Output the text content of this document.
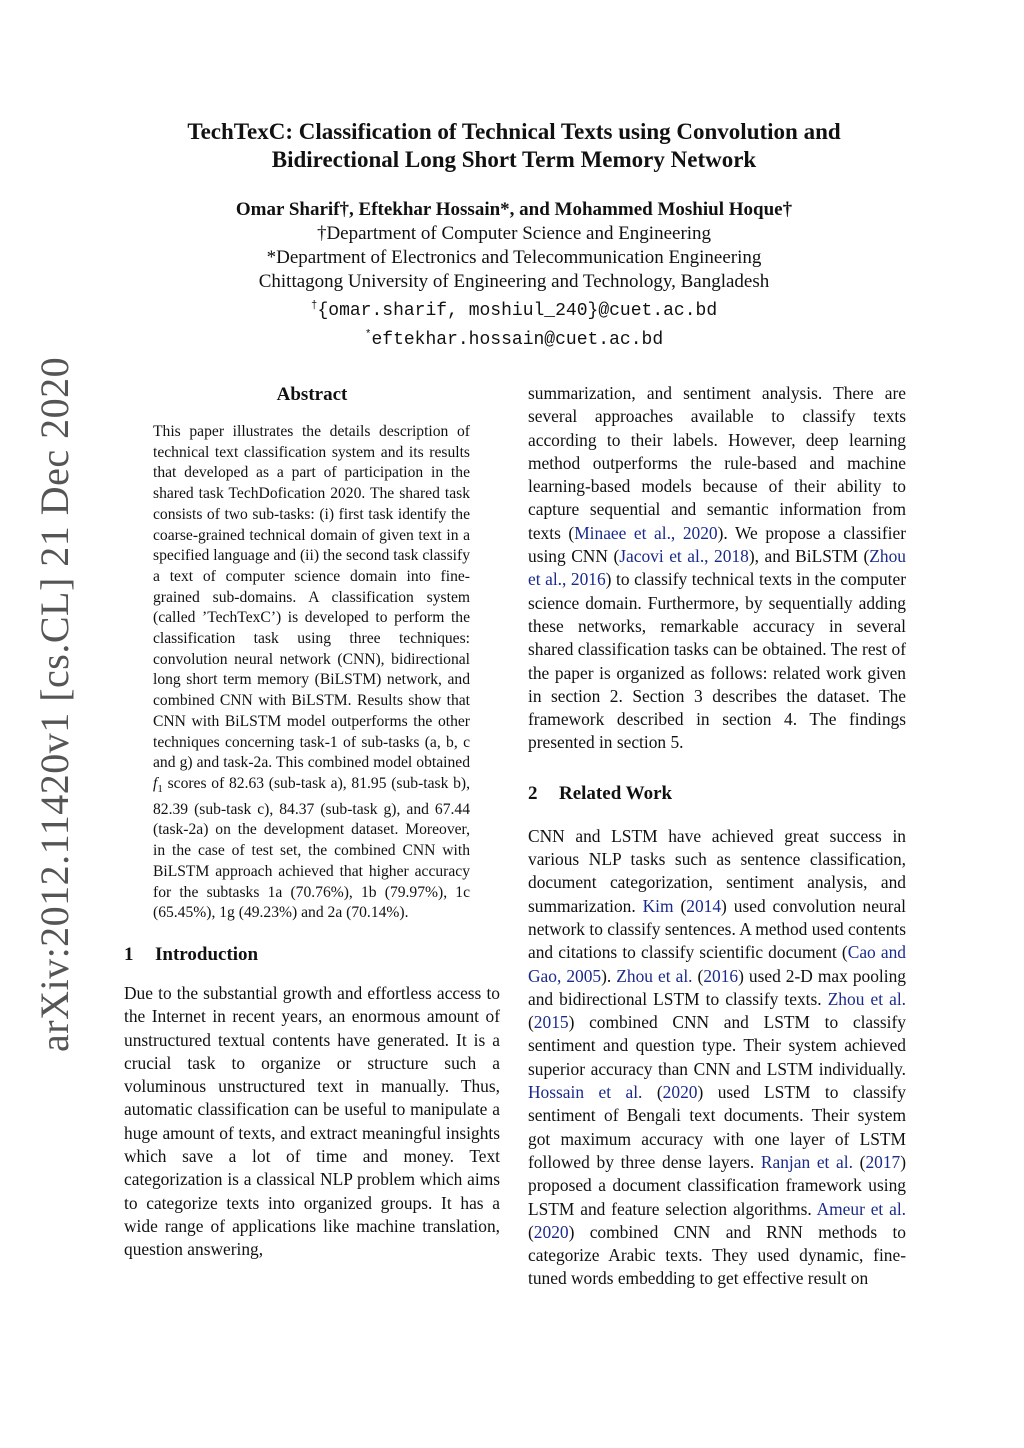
arXiv:2012.11420v1 [cs.CL] 21 Dec 2020
TechTexC: Classification of Technical Texts using Convolution and
Bidirectional Long Short Term Memory Network
Omar Sharif†, Eftekhar Hossain*, and Mohammed Moshiul Hoque†
†Department of Computer Science and Engineering
*Department of Electronics and Telecommunication Engineering
Chittagong University of Engineering and Technology, Bangladesh
†{omar.sharif, moshiul_240}@cuet.ac.bd
*eftekhar.hossain@cuet.ac.bd
Abstract

This paper illustrates the details description of technical text classification system and its results that developed as a part of participation in the shared task TechDofication 2020. The shared task consists of two sub-tasks: (i) first task identify the coarse-grained technical domain of given text in a specified language and (ii) the second task classify a text of computer science domain into fine-grained sub-domains. A classification system (called ’TechTexC’) is developed to perform the classification task using three techniques: convolution neural network (CNN), bidirectional long short term memory (BiLSTM) network, and combined CNN with BiLSTM. Results show that CNN with BiLSTM model outperforms the other techniques concerning task-1 of sub-tasks (a, b, c and g) and task-2a. This combined model obtained $f_1$ scores of 82.63 (sub-task a), 81.95 (sub-task b), 82.39 (sub-task c), 84.37 (sub-task g), and 67.44 (task-2a) on the development dataset. Moreover, in the case of test set, the combined CNN with BiLSTM approach achieved that higher accuracy for the subtasks 1a (70.76%), 1b (79.97%), 1c (65.45%), 1g (49.23%) and 2a (70.14%).

1 Introduction

Due to the substantial growth and effortless access to the Internet in recent years, an enormous amount of unstructured textual contents have generated. It is a crucial task to organize or structure such a voluminous unstructured text in manually. Thus, automatic classification can be useful to manipulate a huge amount of texts, and extract meaningful insights which save a lot of time and money. Text categorization is a classical NLP problem which aims to categorize texts into organized groups. It has a wide range of applications like machine translation, question answering,

summarization, and sentiment analysis. There are several approaches available to classify texts according to their labels. However, deep learning method outperforms the rule-based and machine learning-based models because of their ability to capture sequential and semantic information from texts (Minaee et al., 2020). We propose a classifier using CNN (Jacovi et al., 2018), and BiLSTM (Zhou et al., 2016) to classify technical texts in the computer science domain. Furthermore, by sequentially adding these networks, remarkable accuracy in several shared classification tasks can be obtained. The rest of the paper is organized as follows: related work given in section 2. Section 3 describes the dataset. The framework described in section 4. The findings presented in section 5.

2 Related Work

CNN and LSTM have achieved great success in various NLP tasks such as sentence classification, document categorization, sentiment analysis, and summarization. Kim (2014) used convolution neural network to classify sentences. A method used contents and citations to classify scientific document (Cao and Gao, 2005). Zhou et al. (2016) used 2-D max pooling and bidirectional LSTM to classify texts. Zhou et al. (2015) combined CNN and LSTM to classify sentiment and question type. Their system achieved superior accuracy than CNN and LSTM individually. Hossain et al. (2020) used LSTM to classify sentiment of Bengali text documents. Their system got maximum accuracy with one layer of LSTM followed by three dense layers. Ranjan et al. (2017) proposed a document classification framework using LSTM and feature selection algorithms. Ameur et al. (2020) combined CNN and RNN methods to categorize Arabic texts. They used dynamic, fine-tuned words embedding to get effective result on
